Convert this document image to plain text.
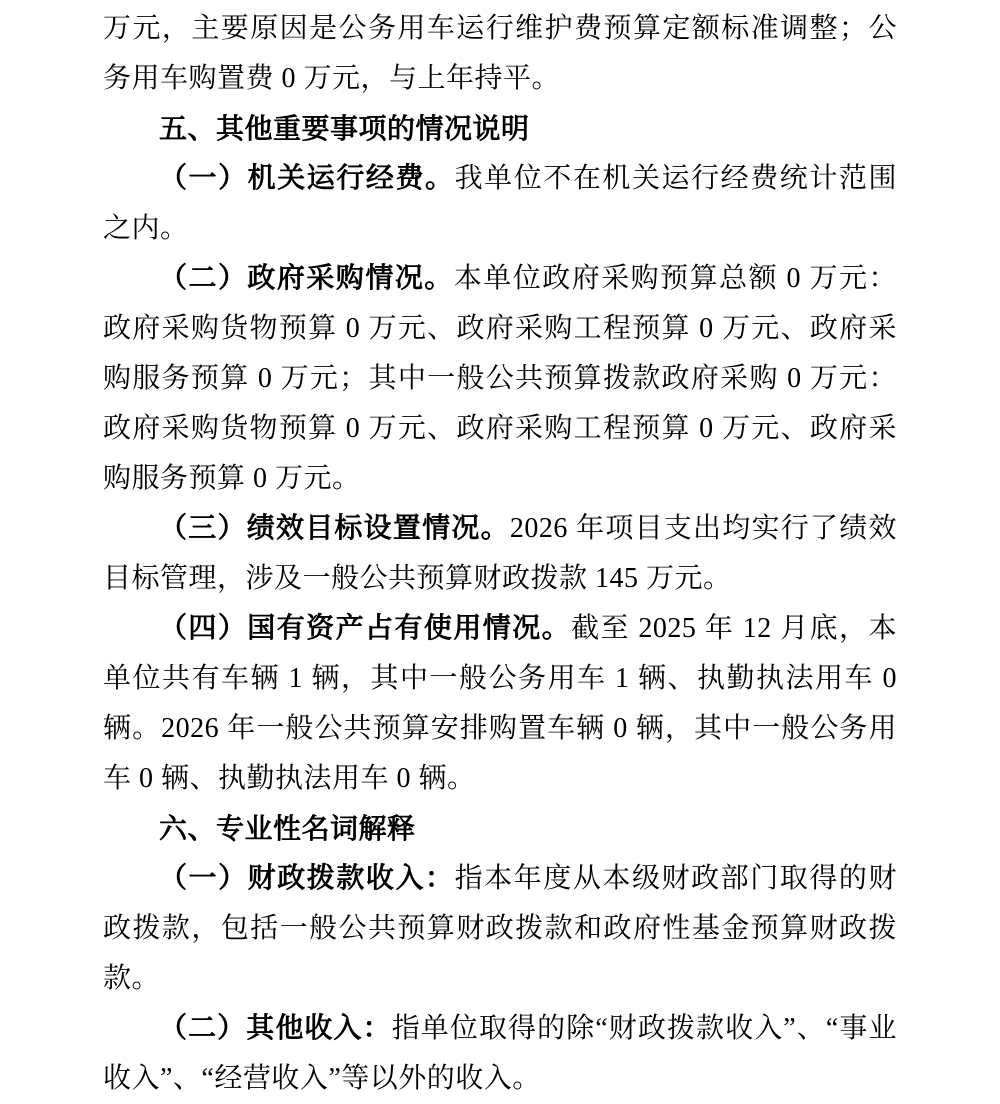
万元，主要原因是公务用车运行维护费预算定额标准调整；公务用车购置费 0 万元，与上年持平。

五、其他重要事项的情况说明

（一）机关运行经费。我单位不在机关运行经费统计范围之内。

（二）政府采购情况。本单位政府采购预算总额 0 万元：政府采购货物预算 0 万元、政府采购工程预算 0 万元、政府采购服务预算 0 万元；其中一般公共预算拨款政府采购 0 万元：政府采购货物预算 0 万元、政府采购工程预算 0 万元、政府采购服务预算 0 万元。

（三）绩效目标设置情况。2026 年项目支出均实行了绩效目标管理，涉及一般公共预算财政拨款 145 万元。

（四）国有资产占有使用情况。截至 2025 年 12 月底，本单位共有车辆 1 辆，其中一般公务用车 1 辆、执勤执法用车 0 辆。2026 年一般公共预算安排购置车辆 0 辆，其中一般公务用车 0 辆、执勤执法用车 0 辆。

六、专业性名词解释

（一）财政拨款收入：指本年度从本级财政部门取得的财政拨款，包括一般公共预算财政拨款和政府性基金预算财政拨款。

（二）其他收入：指单位取得的除“财政拨款收入”、“事业收入”、“经营收入”等以外的收入。
